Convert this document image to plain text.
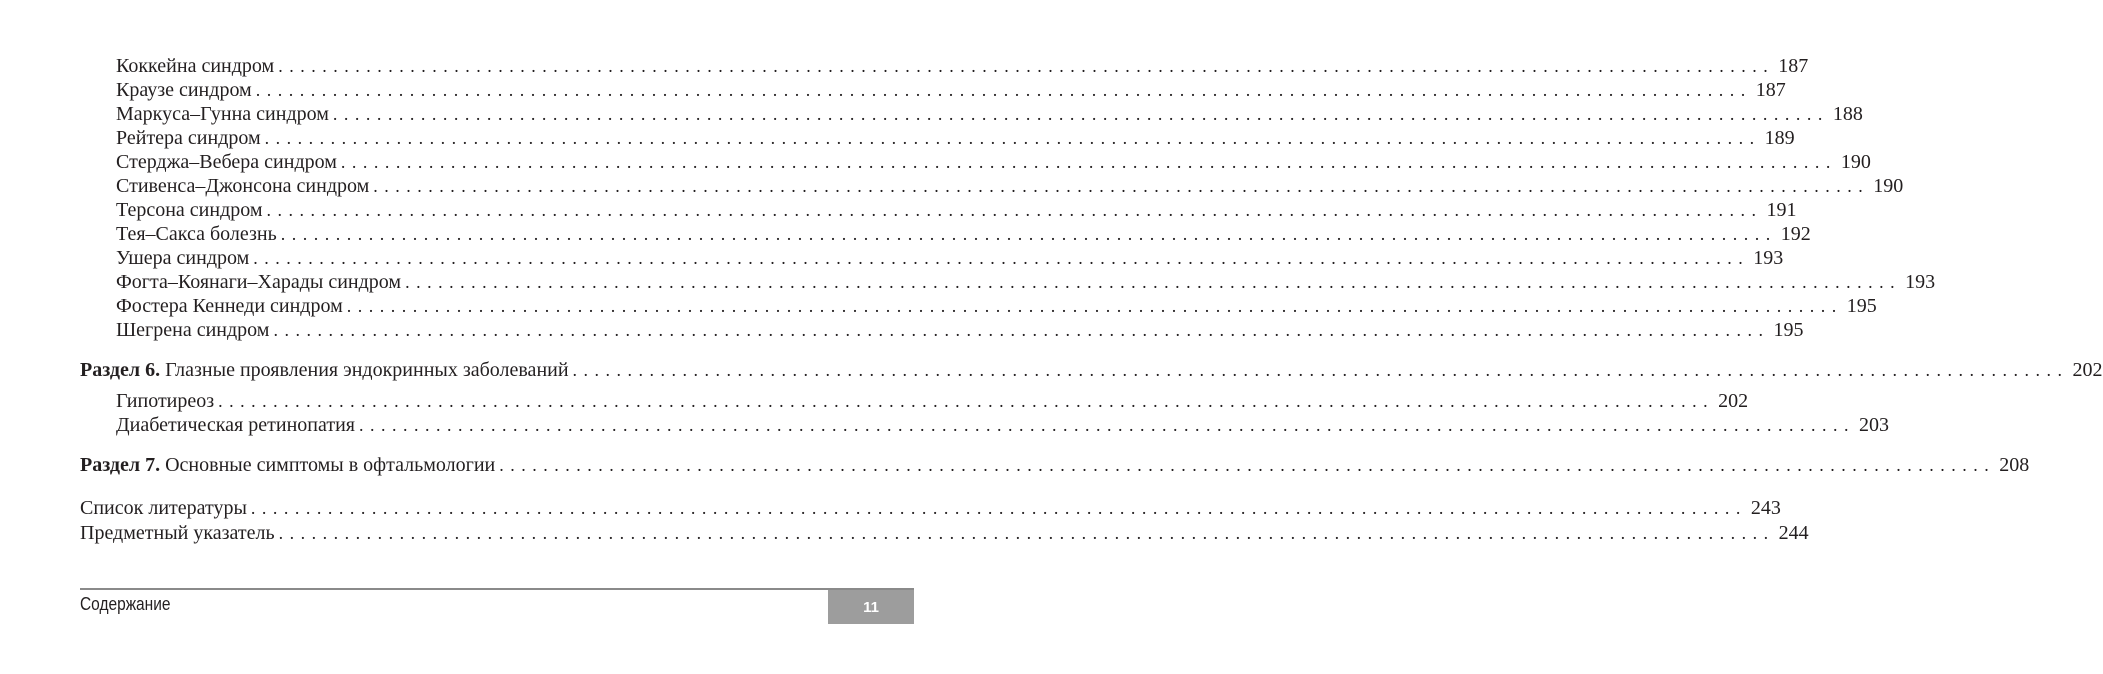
Коккейна синдром ........................................................................................................................................ 187
Краузе синдром ........................................................................................................................................ 187
Маркуса–Гунна синдром ........................................................................................................................................ 188
Рейтера синдром ........................................................................................................................................ 189
Стерджа–Вебера синдром ........................................................................................................................................ 190
Стивенса–Джонсона синдром ........................................................................................................................................ 190
Терсона синдром ........................................................................................................................................ 191
Тея–Сакса болезнь ........................................................................................................................................ 192
Ушера синдром ........................................................................................................................................ 193
Фогта–Коянаги–Харады синдром ........................................................................................................................................ 193
Фостера Кеннеди синдром ........................................................................................................................................ 195
Шегрена синдром ........................................................................................................................................ 195
Раздел 6. Глазные проявления эндокринных заболеваний ........................................................................................................................................ 202
Гипотиреоз ........................................................................................................................................ 202
Диабетическая ретинопатия ........................................................................................................................................ 203
Раздел 7. Основные симптомы в офтальмологии ........................................................................................................................................ 208
Список литературы ........................................................................................................................................ 243
Предметный указатель ........................................................................................................................................ 244
Содержание	11
